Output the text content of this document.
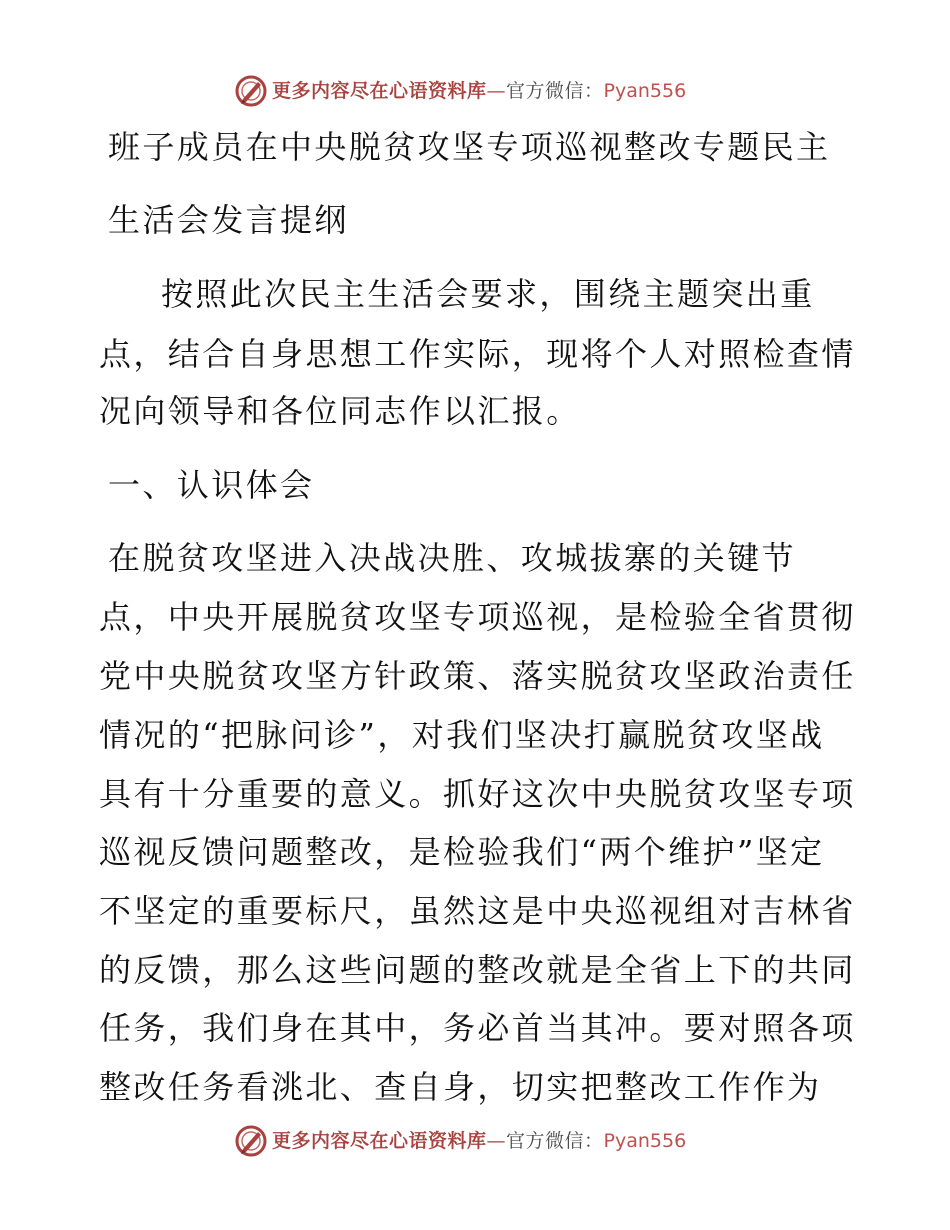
更多内容尽在心语资料库—官方微信：Pyan556
班子成员在中央脱贫攻坚专项巡视整改专题民主
生活会发言提纲
按照此次民主生活会要求，围绕主题突出重
点，结合自身思想工作实际，现将个人对照检查情
况向领导和各位同志作以汇报。
一、认识体会
在脱贫攻坚进入决战决胜、攻城拔寨的关键节
点，中央开展脱贫攻坚专项巡视，是检验全省贯彻
党中央脱贫攻坚方针政策、落实脱贫攻坚政治责任
情况的“把脉问诊”，对我们坚决打赢脱贫攻坚战
具有十分重要的意义。抓好这次中央脱贫攻坚专项
巡视反馈问题整改，是检验我们“两个维护”坚定
不坚定的重要标尺，虽然这是中央巡视组对吉林省
的反馈，那么这些问题的整改就是全省上下的共同
任务，我们身在其中，务必首当其冲。要对照各项
整改任务看洮北、查自身，切实把整改工作作为
更多内容尽在心语资料库—官方微信：Pyan556
